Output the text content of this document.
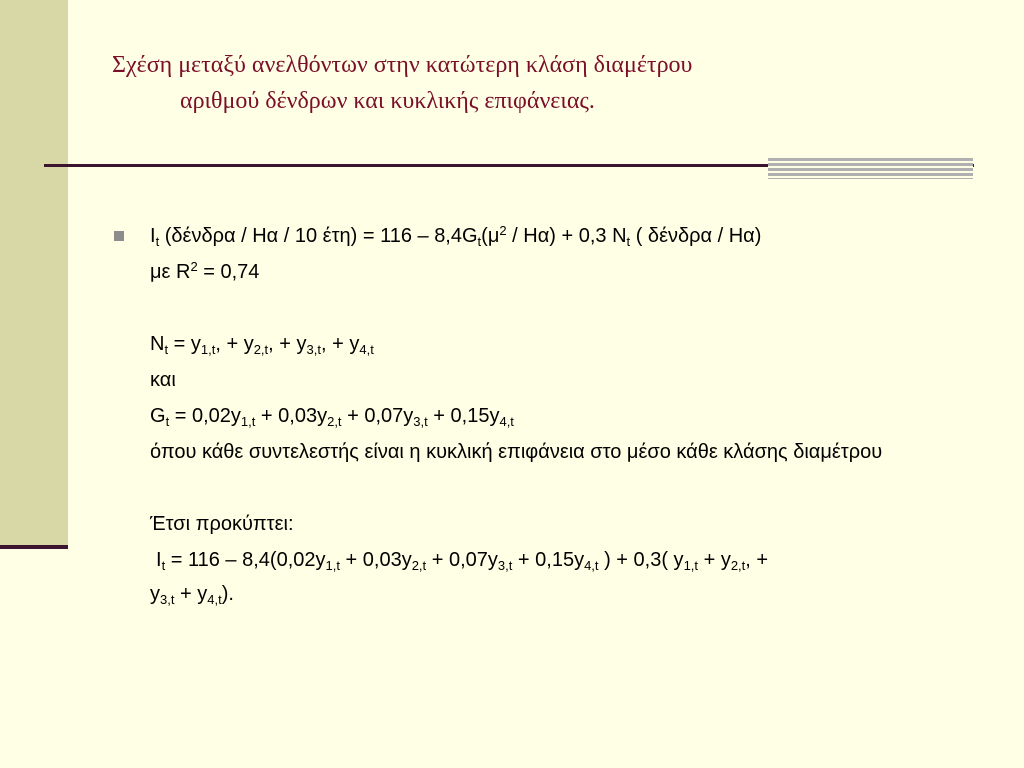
Σχέση μεταξύ ανελθόντων στην κατώτερη κλάση διαμέτρου
αριθμού δένδρων και κυκλικής επιφάνειας.
$I_t$ (δένδρα / Ηα / 10 $έ\tau\eta) = 116 - 8,4G_t(\mu^2 / H\alpha) + 0,3$ $N_t$ ( δένδρα / Ηα)
με $R^2 = 0,74$
$N_t = y_{1,t}$, + $y_{2,t}$, + $y_{3,t}$, + $y_{4,t}$
και
$G_t = 0,02y_{1,t} + 0,03y_{2,t} + 0,07y_{3,t} + 0,15y_{4,t}$
όπου κάθε συντελεστής είναι η κυκλική επιφάνεια στο μέσο κάθε κλάσης διαμέτρου
Έτσι προκύπτει:
$I_t = 116 - 8,4(0,02y_{1,t} + 0,03y_{2,t} + 0,07y_{3,t} + 0,15y_{4,t}$ ) + 0,3( $y_{1,t} + y_{2,t}$, +
$y_{3,t} + y_{4,t}$).
